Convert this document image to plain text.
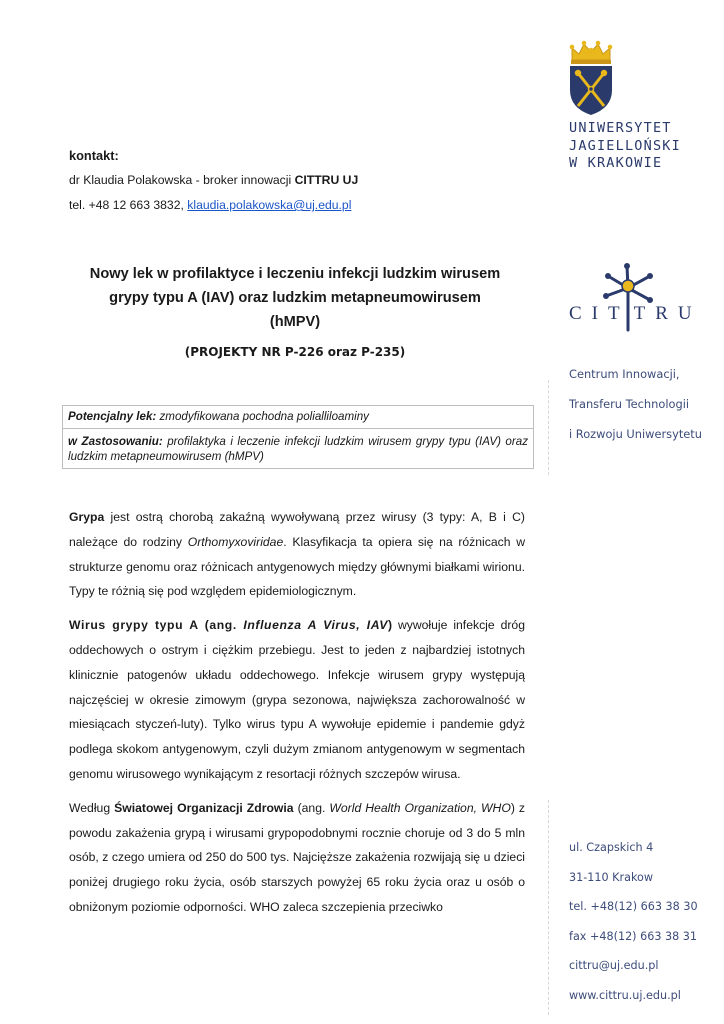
UNIWERSYTET
JAGIELLOŃSKI
W KRAKOWIE
CIT TRU
Centrum Innowacji,
Transferu Technologii
i Rozwoju Uniwersytetu
ul. Czapskich 4
31-110 Krakow
tel. +48(12) 663 38 30
fax +48(12) 663 38 31
cittru@uj.edu.pl
www.cittru.uj.edu.pl
kontakt:
dr Klaudia Polakowska - broker innowacji CITTRU UJ
tel. +48 12 663 3832, klaudia.polakowska@uj.edu.pl
Nowy lek w profilaktyce i leczeniu infekcji ludzkim wirusem
grypy typu A (IAV) oraz ludzkim metapneumowirusem
(hMPV)
(PROJEKTY NR P-226 oraz P-235)
Potencjalny lek: zmodyfikowana pochodna polialliloaminy
w Zastosowaniu: profilaktyka i leczenie infekcji ludzkim wirusem grypy typu (IAV) oraz ludzkim metapneumowirusem (hMPV)

Grypa jest ostrą chorobą zakaźną wywoływaną przez wirusy (3 typy: A, B i C) należące do rodziny Orthomyxoviridae. Klasyfikacja ta opiera się na różnicach w strukturze genomu oraz różnicach antygenowych między głównymi białkami wirionu. Typy te różnią się pod względem epidemiologicznym.

Wirus grypy typu A (ang. Influenza A Virus, IAV) wywołuje infekcje dróg oddechowych o ostrym i ciężkim przebiegu. Jest to jeden z najbardziej istotnych klinicznie patogenów układu oddechowego. Infekcje wirusem grypy występują najczęściej w okresie zimowym (grypa sezonowa, największa zachorowalność w miesiącach styczeń-luty). Tylko wirus typu A wywołuje epidemie i pandemie gdyż podlega skokom antygenowym, czyli dużym zmianom antygenowym w segmentach genomu wirusowego wynikającym z resortacji różnych szczepów wirusa.

Według Światowej Organizacji Zdrowia (ang. World Health Organization, WHO) z powodu zakażenia grypą i wirusami grypopodobnymi rocznie choruje od 3 do 5 mln osób, z czego umiera od 250 do 500 tys. Najcięższe zakażenia rozwijają się u dzieci poniżej drugiego roku życia, osób starszych powyżej 65 roku życia oraz u osób o obniżonym poziomie odporności. WHO zaleca szczepienia przeciwko
